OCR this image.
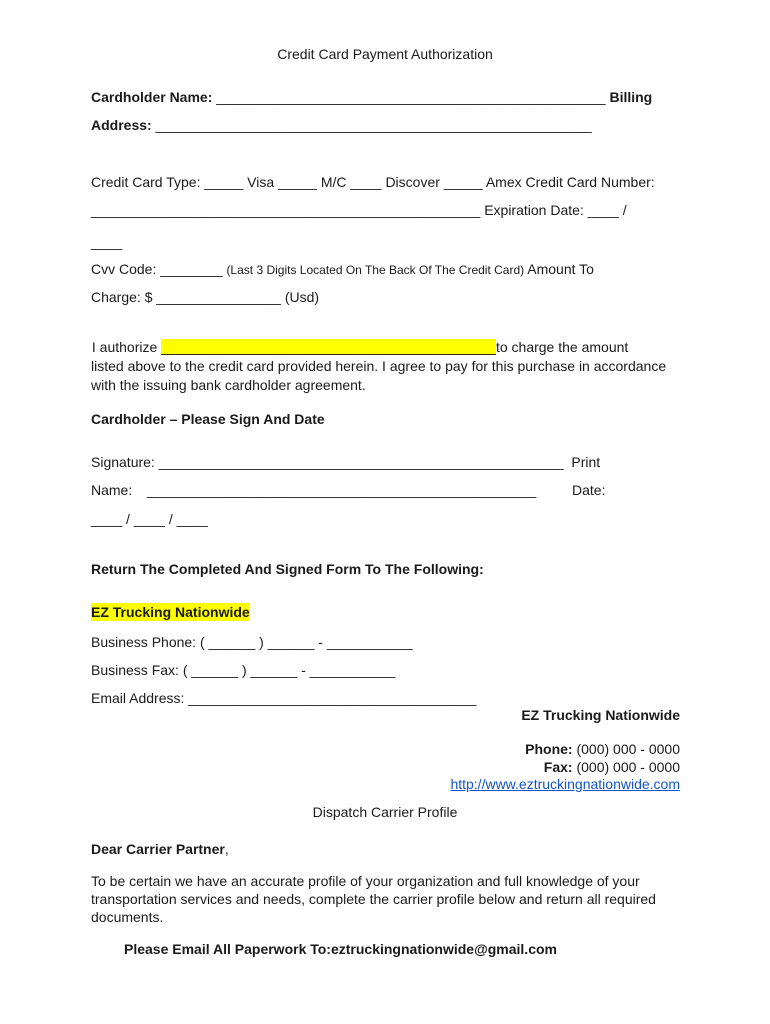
Credit Card Payment Authorization
Cardholder Name: __________________________________________________ Billing
Address: ________________________________________________________
Credit Card Type: _____ Visa _____ M/C ____ Discover _____ Amex Credit Card Number:
__________________________________________________ Expiration Date: ____ /
____
Cvv Code: ________ (Last 3 Digits Located On The Back Of The Credit Card) Amount To
Charge: $ ________________ (Usd)
I authorize ___________________________________________to charge the amount
listed above to the credit card provided herein. I agree to pay for this purchase in accordance
with the issuing bank cardholder agreement.
Cardholder – Please Sign And Date
Signature: ____________________________________________________  Print
Name: __________________________________________________	Date:
____ / ____ / ____
Return The Completed And Signed Form To The Following:
EZ Trucking Nationwide
Business Phone: ( ______ ) ______ - ___________
Business Fax: ( ______ ) ______ - ___________
Email Address: _____________________________________
EZ Trucking Nationwide
Phone: (000) 000 - 0000
Fax: (000) 000 - 0000
http://www.eztruckingnationwide.com
Dispatch Carrier Profile
Dear Carrier Partner,
To be certain we have an accurate profile of your organization and full knowledge of your
transportation services and needs, complete the carrier profile below and return all required
documents.
Please Email All Paperwork To:eztruckingnationwide@gmail.com
